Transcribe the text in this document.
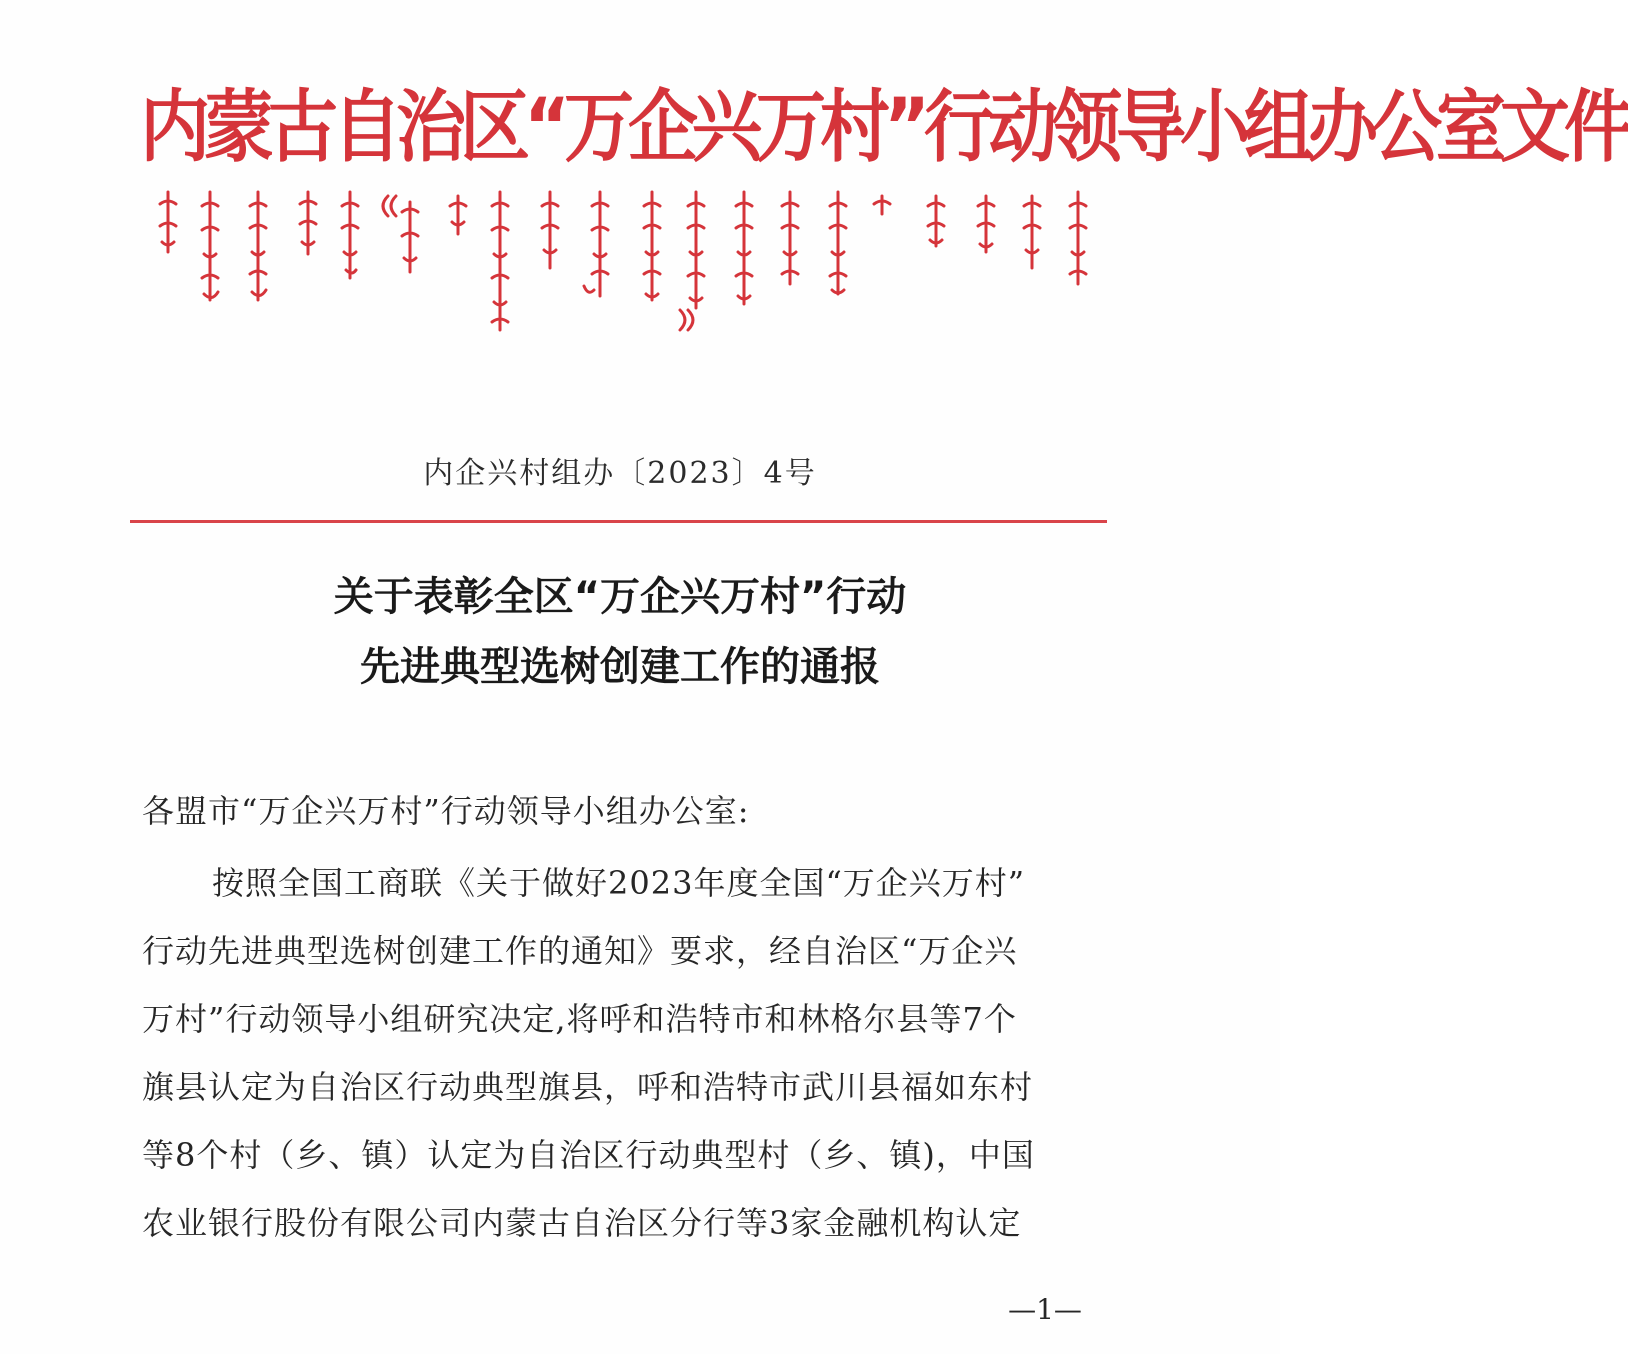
内蒙古自治区“万企兴万村”行动领导小组办公室文件
内企兴村组办〔2023〕4号
关于表彰全区“万企兴万村”行动
先进典型选树创建工作的通报
各盟市“万企兴万村”行动领导小组办公室:
按照全国工商联《关于做好2023年度全国“万企兴万村”
行动先进典型选树创建工作的通知》要求，经自治区“万企兴
万村”行动领导小组研究决定,将呼和浩特市和林格尔县等7个
旗县认定为自治区行动典型旗县，呼和浩特市武川县福如东村
等8个村（乡、镇）认定为自治区行动典型村（乡、镇)，中国
农业银行股份有限公司内蒙古自治区分行等3家金融机构认定
—1—
